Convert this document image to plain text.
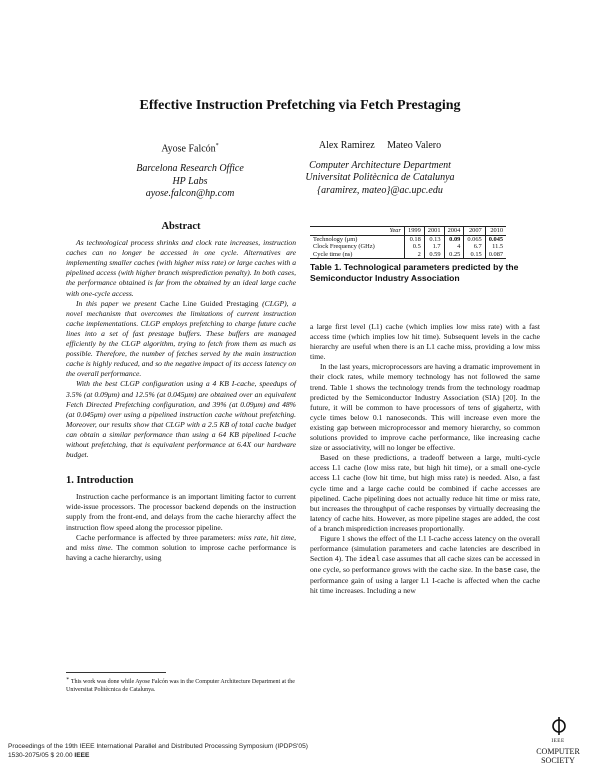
Effective Instruction Prefetching via Fetch Prestaging
Ayose Falcón*
Barcelona Research Office
HP Labs
ayose.falcon@hp.com
Alex Ramirez     Mateo Valero
Computer Architecture Department
Universitat Politècnica de Catalunya
{aramirez, mateo}@ac.upc.edu
Abstract

As technological process shrinks and clock rate increases, instruction caches can no longer be accessed in one cycle. Alternatives are implementing smaller caches (with higher miss rate) or large caches with a pipelined access (with higher branch misprediction penalty). In both cases, the performance obtained is far from the obtained by an ideal large cache with one-cycle access.

In this paper we present Cache Line Guided Prestaging (CLGP), a novel mechanism that overcomes the limitations of current instruction cache implementations. CLGP employs prefetching to charge future cache lines into a set of fast prestage buffers. These buffers are managed efficiently by the CLGP algorithm, trying to fetch from them as much as possible. Therefore, the number of fetches served by the main instruction cache is highly reduced, and so the negative impact of its access latency on the overall performance.

With the best CLGP configuration using a 4 KB I-cache, speedups of 3.5% (at 0.09μm) and 12.5% (at 0.045μm) are obtained over an equivalent Fetch Directed Prefetching configuration, and 39% (at 0.09μm) and 48% (at 0.045μm) over using a pipelined instruction cache without prefetching. Moreover, our results show that CLGP with a 2.5 KB of total cache budget can obtain a similar performance than using a 64 KB pipelined I-cache without prefetching, that is equivalent performance at 6.4X our hardware budget.

1. Introduction

Instruction cache performance is an important limiting factor to current wide-issue processors. The processor backend depends on the instruction supply from the front-end, and delays from the cache hierarchy affect the instruction flow speed along the processor pipeline.

Cache performance is affected by three parameters: miss rate, hit time, and miss time. The common solution to improse cache performance is having a cache hierarchy, using

∗ This work was done while Ayose Falcón was in the Computer Architecture Department at the Universitat Politècnica de Catalunya.
Year	1999	2001	2004	2007	2010
Technology (μm)	0.18	0.13	0.09	0.065	0.045
Clock Frequency (GHz)	0.5	1.7	4	6.7	11.5
Cycle time (ns)	2	0.59	0.25	0.15	0.087
Table 1. Technological parameters predicted by the Semiconductor Industry Association

a large first level (L1) cache (which implies low miss rate) with a fast access time (which implies low hit time). Subsequent levels in the cache hierarchy are useful when there is an L1 cache miss, providing a low miss time.

In the last years, microprocessors are having a dramatic improvement in their clock rates, while memory technology has not followed the same trend. Table 1 shows the technology trends from the technology roadmap predicted by the Semiconductor Industry Association (SIA) [20]. In the future, it will be common to have processors of tens of gigahertz, with cycle times below 0.1 nanoseconds. This will increase even more the existing gap between microprocessor and memory hierarchy, so common solutions provided to improve cache performance, like increasing cache size or associativity, will no longer be effective.

Based on these predictions, a tradeoff between a large, multi-cycle access L1 cache (low miss rate, but high hit time), or a small one-cycle access L1 cache (low hit time, but high miss rate) is needed. Also, a fast cycle time and a large cache could be combined if cache accesses are pipelined. Cache pipelining does not actually reduce hit time or miss rate, but increases the throughput of cache responses by virtually decreasing the latency of cache hits. However, as more pipeline stages are added, the cost of a branch misprediction increases proportionally.

Figure 1 shows the effect of the L1 I-cache access latency on the overall performance (simulation parameters and cache latencies are described in Section 4). The ideal case assumes that all cache sizes can be accessed in one cycle, so performance grows with the cache size. In the base case, the performance gain of using a larger L1 I-cache is affected when the cache hit time increases. Including a new

Proceedings of the 19th IEEE International Parallel and Distributed Processing Symposium (IPDPS'05)
1530-2075/05 $ 20.00 IEEE
IEEE
COMPUTER
SOCIETY
